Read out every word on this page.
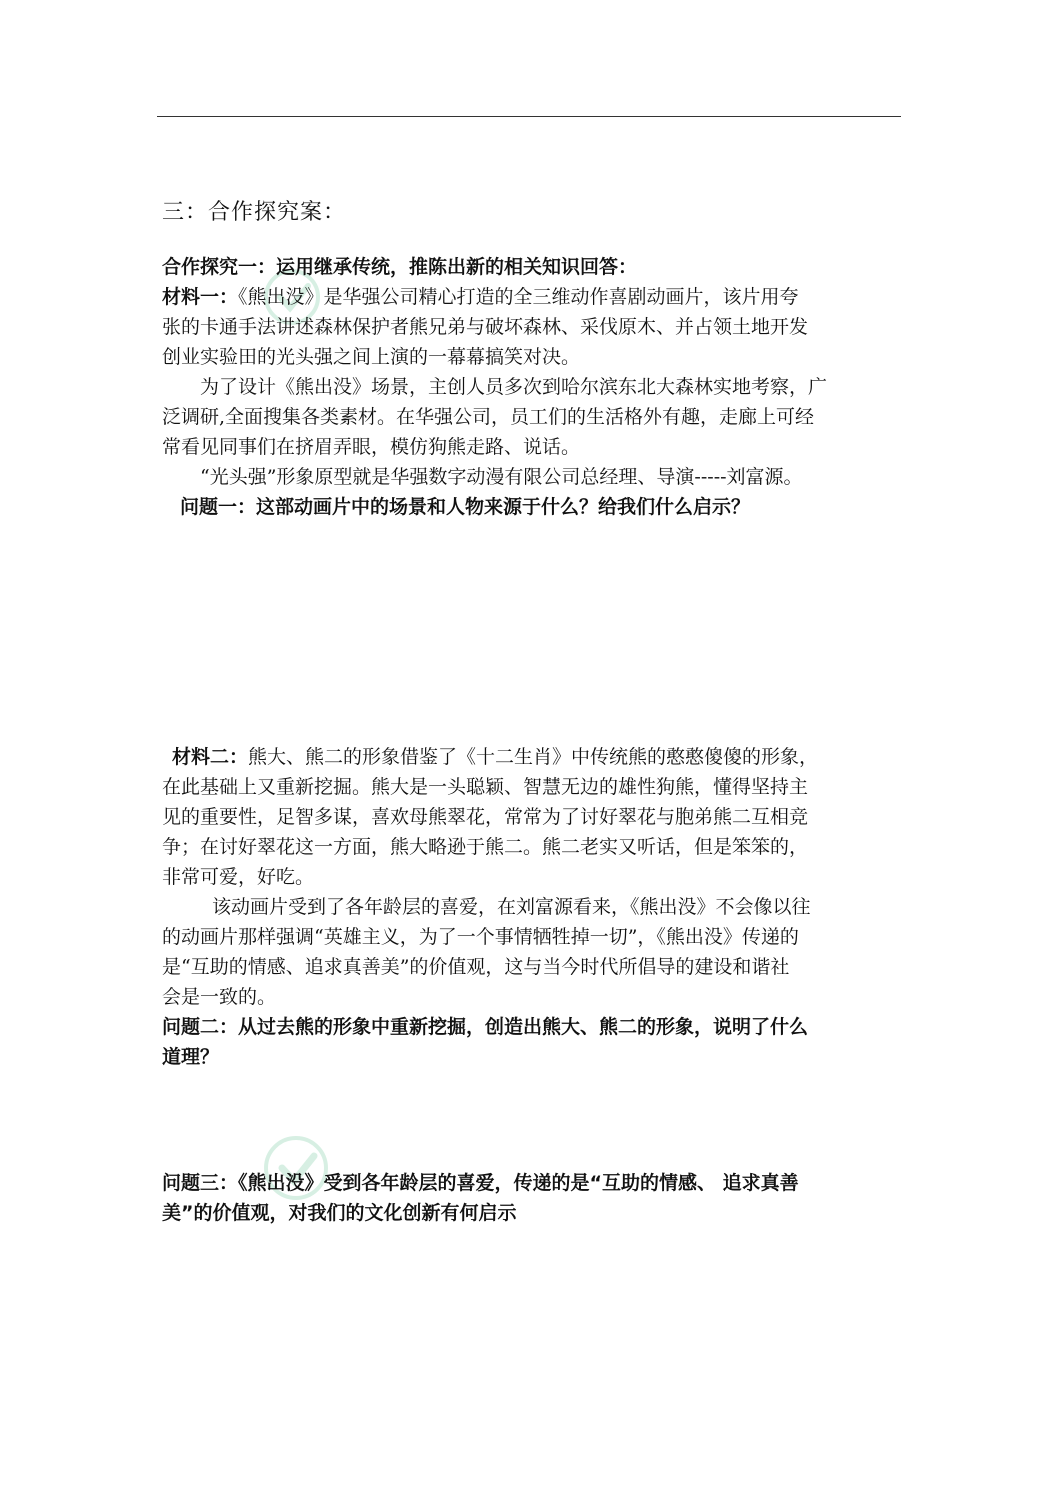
三：合作探究案：

合作探究一：运用继承传统，推陈出新的相关知识回答：

材料一：《熊出没》是华强公司精心打造的全三维动作喜剧动画片，该片用夸

张的卡通手法讲述森林保护者熊兄弟与破坏森林、采伐原木、并占领土地开发

创业实验田的光头强之间上演的一幕幕搞笑对决。

为了设计《熊出没》场景，主创人员多次到哈尔滨东北大森林实地考察，广

泛调研,全面搜集各类素材。在华强公司，员工们的生活格外有趣，走廊上可经

常看见同事们在挤眉弄眼，模仿狗熊走路、说话。

“光头强”形象原型就是华强数字动漫有限公司总经理、导演-----刘富源。

问题一：这部动画片中的场景和人物来源于什么？给我们什么启示？

材料二：熊大、熊二的形象借鉴了《十二生肖》中传统熊的憨憨傻傻的形象，

在此基础上又重新挖掘。熊大是一头聪颖、智慧无边的雄性狗熊，懂得坚持主

见的重要性，足智多谋，喜欢母熊翠花，常常为了讨好翠花与胞弟熊二互相竞

争；在讨好翠花这一方面，熊大略逊于熊二。熊二老实又听话，但是笨笨的，

非常可爱，好吃。

该动画片受到了各年龄层的喜爱，在刘富源看来，《熊出没》不会像以往

的动画片那样强调“英雄主义，为了一个事情牺牲掉一切”，《熊出没》传递的

是“互助的情感、追求真善美”的价值观，这与当今时代所倡导的建设和谐社

会是一致的。

问题二：从过去熊的形象中重新挖掘，创造出熊大、熊二的形象，说明了什么

道理？

问题三：《熊出没》受到各年龄层的喜爱，传递的是“互助的情感、 追求真善

美”的价值观，对我们的文化创新有何启示
